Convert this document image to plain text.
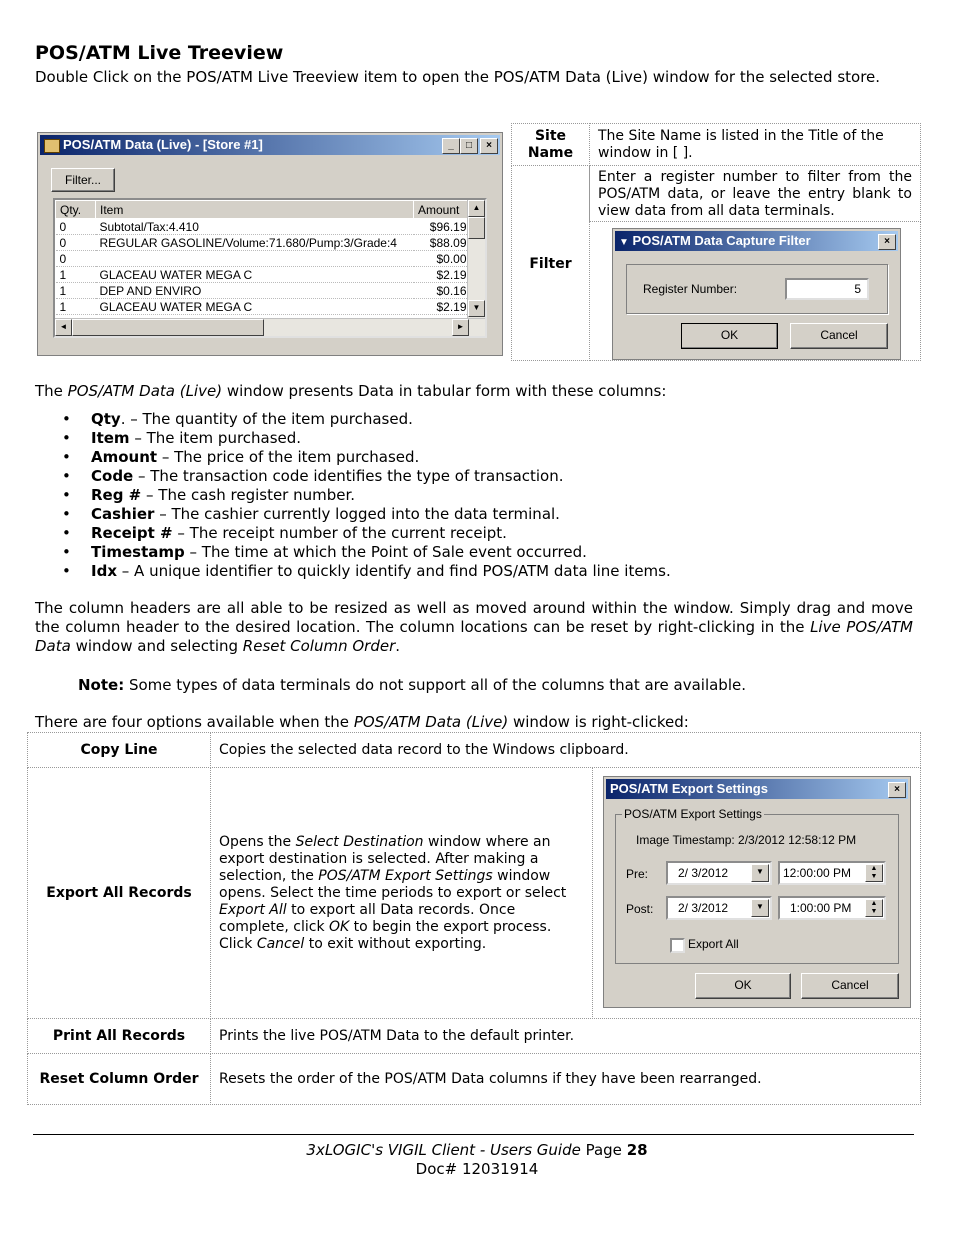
POS/ATM Live Treeview

Double Click on the POS/ATM Live Treeview item to open the POS/ATM Data (Live) window for the selected store.

POS/ATM Data (Live) - [Store #1]	_	□	×
Filter...
Qty.	Item	Amount
0	Subtotal/Tax:4.410	$96.19
0	REGULAR GASOLINE/Volume:71.680/Pump:3/Grade:4	$88.09
0		$0.00
1	GLACEAU WATER MEGA C	$2.19
1	DEP AND ENVIRO	$0.16
1	GLACEAU WATER MEGA C	$2.19
▲
▼
◄	►
Site Name
The Site Name is listed in the Title of the window in [ ].
Filter
Enter a register number to filter from the POS/ATM data, or leave the entry blank to view data from all data terminals.
▼ POS/ATM Data Capture Filter	×
Register Number:	5
OK	Cancel

The POS/ATM Data (Live) window presents Data in tabular form with these columns:

• Qty. – The quantity of the item purchased.
• Item – The item purchased.
• Amount – The price of the item purchased.
• Code – The transaction code identifies the type of transaction.
• Reg # – The cash register number.
• Cashier – The cashier currently logged into the data terminal.
• Receipt # – The receipt number of the current receipt.
• Timestamp – The time at which the Point of Sale event occurred.
• Idx – A unique identifier to quickly identify and find POS/ATM data line items.

The column headers are all able to be resized as well as moved around within the window. Simply drag and move the column header to the desired location. The column locations can be reset by right-clicking in the Live POS/ATM Data window and selecting Reset Column Order.

Note: Some types of data terminals do not support all of the columns that are available.

There are four options available when the POS/ATM Data (Live) window is right-clicked:

Copy Line	Copies the selected data record to the Windows clipboard.
Export All Records
Opens the Select Destination window where an export destination is selected. After making a selection, the POS/ATM Export Settings window opens. Select the time periods to export or select Export All to export all Data records. Once complete, click OK to begin the export process. Click Cancel to exit without exporting.
POS/ATM Export Settings	×
POS/ATM Export Settings
Image Timestamp: 2/3/2012 12:58:12 PM
Pre:	2/ 3/2012	▼	12:00:00 PM	▲
▼
Post:	2/ 3/2012	▼	1:00:00 PM	▲
▼
Export All
OK	Cancel
Print All Records	Prints the live POS/ATM Data to the default printer.
Reset Column Order	Resets the order of the POS/ATM Data columns if they have been rearranged.
3xLOGIC's VIGIL Client - Users Guide Page 28
Doc# 12031914
